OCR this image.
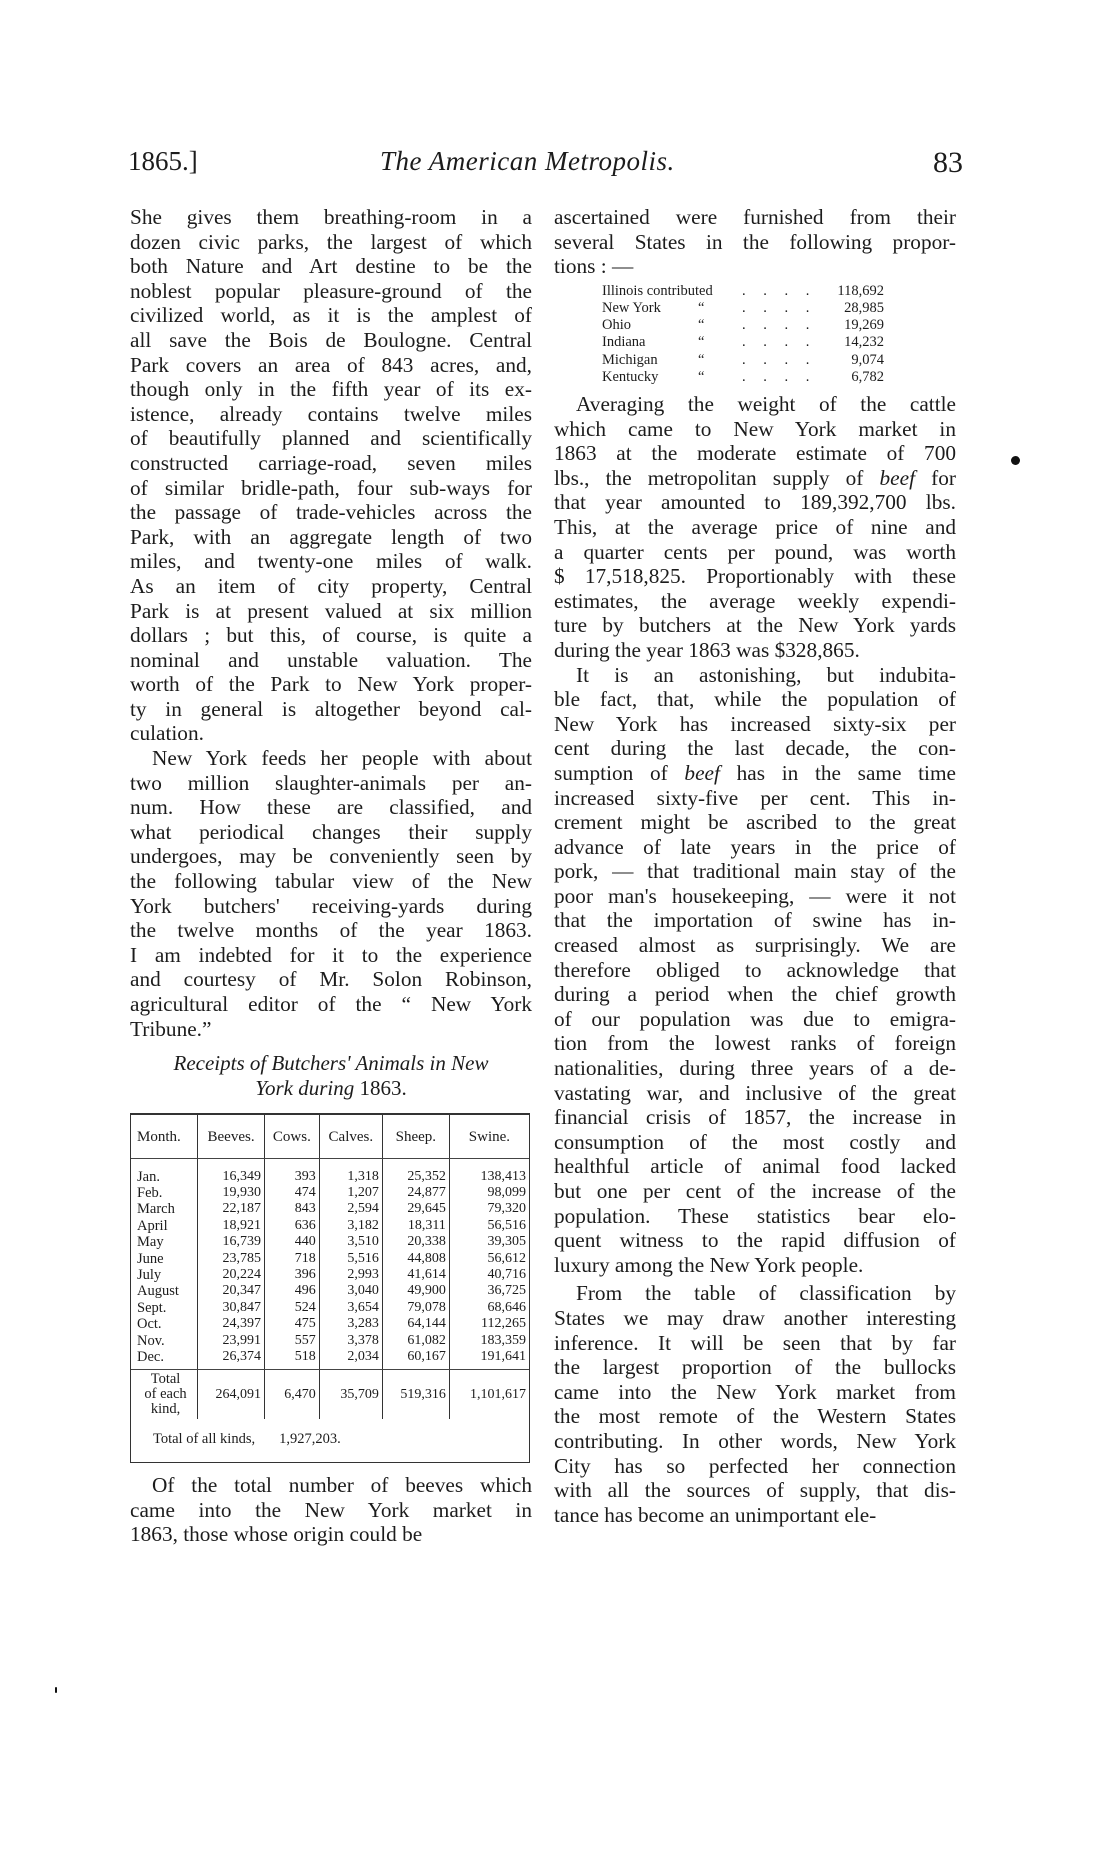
1865.]	The American Metropolis.	83
She gives them breathing-room in a
dozen civic parks, the largest of which
both Nature and Art destine to be the
noblest popular pleasure-ground of the
civilized world, as it is the amplest of
all save the Bois de Boulogne. Central
Park covers an area of 843 acres, and,
though only in the fifth year of its ex-
istence, already contains twelve miles
of beautifully planned and scientifically
constructed carriage-road, seven miles
of similar bridle-path, four sub-ways for
the passage of trade-vehicles across the
Park, with an aggregate length of two
miles, and twenty-one miles of walk.
As an item of city property, Central
Park is at present valued at six million
dollars ; but this, of course, is quite a
nominal and unstable valuation. The
worth of the Park to New York proper-
ty in general is altogether beyond cal-
culation.
New York feeds her people with about
two million slaughter-animals per an-
num. How these are classified, and
what periodical changes their supply
undergoes, may be conveniently seen by
the following tabular view of the New
York butchers' receiving-yards during
the twelve months of the year 1863.
I am indebted for it to the experience
and courtesy of Mr. Solon Robinson,
agricultural editor of the “ New York
Tribune.”
Receipts of Butchers' Animals in New
York during 1863.
Month.	Beeves.	Cows.	Calves.	Sheep.	Swine.
Jan.	16,349	393	1,318	25,352	138,413
Feb.	19,930	474	1,207	24,877	98,099
March	22,187	843	2,594	29,645	79,320
April	18,921	636	3,182	18,311	56,516
May	16,739	440	3,510	20,338	39,305
June	23,785	718	5,516	44,808	56,612
July	20,224	396	2,993	41,614	40,716
August	20,347	496	3,040	49,900	36,725
Sept.	30,847	524	3,654	79,078	68,646
Oct.	24,397	475	3,283	64,144	112,265
Nov.	23,991	557	3,378	61,082	183,359
Dec.	26,374	518	2,034	60,167	191,641

Total
of each
kind,	264,091	6,470	35,709	519,316	1,101,617
Total of all kinds, 1,927,203.
Of the total number of beeves which
came into the New York market in
1863, those whose origin could be
ascertained were furnished from their
several States in the following propor-
tions : —
Illinois contributed	. . . .	118,692
New York	“	. . . .	28,985
Ohio	“	. . . .	19,269
Indiana	“	. . . .	14,232
Michigan	“	. . . .	9,074
Kentucky	“	. . . .	6,782
Averaging the weight of the cattle
which came to New York market in
1863 at the moderate estimate of 700
lbs., the metropolitan supply of beef for
that year amounted to 189,392,700 lbs.
This, at the average price of nine and
a quarter cents per pound, was worth
$ 17,518,825. Proportionably with these
estimates, the average weekly expendi-
ture by butchers at the New York yards
during the year 1863 was $328,865.
It is an astonishing, but indubita-
ble fact, that, while the population of
New York has increased sixty-six per
cent during the last decade, the con-
sumption of beef has in the same time
increased sixty-five per cent. This in-
crement might be ascribed to the great
advance of late years in the price of
pork, — that traditional main stay of the
poor man's housekeeping, — were it not
that the importation of swine has in-
creased almost as surprisingly. We are
therefore obliged to acknowledge that
during a period when the chief growth
of our population was due to emigra-
tion from the lowest ranks of foreign
nationalities, during three years of a de-
vastating war, and inclusive of the great
financial crisis of 1857, the increase in
consumption of the most costly and
healthful article of animal food lacked
but one per cent of the increase of the
population. These statistics bear elo-
quent witness to the rapid diffusion of
luxury among the New York people.
From the table of classification by
States we may draw another interesting
inference. It will be seen that by far
the largest proportion of the bullocks
came into the New York market from
the most remote of the Western States
contributing. In other words, New York
City has so perfected her connection
with all the sources of supply, that dis-
tance has become an unimportant ele-
